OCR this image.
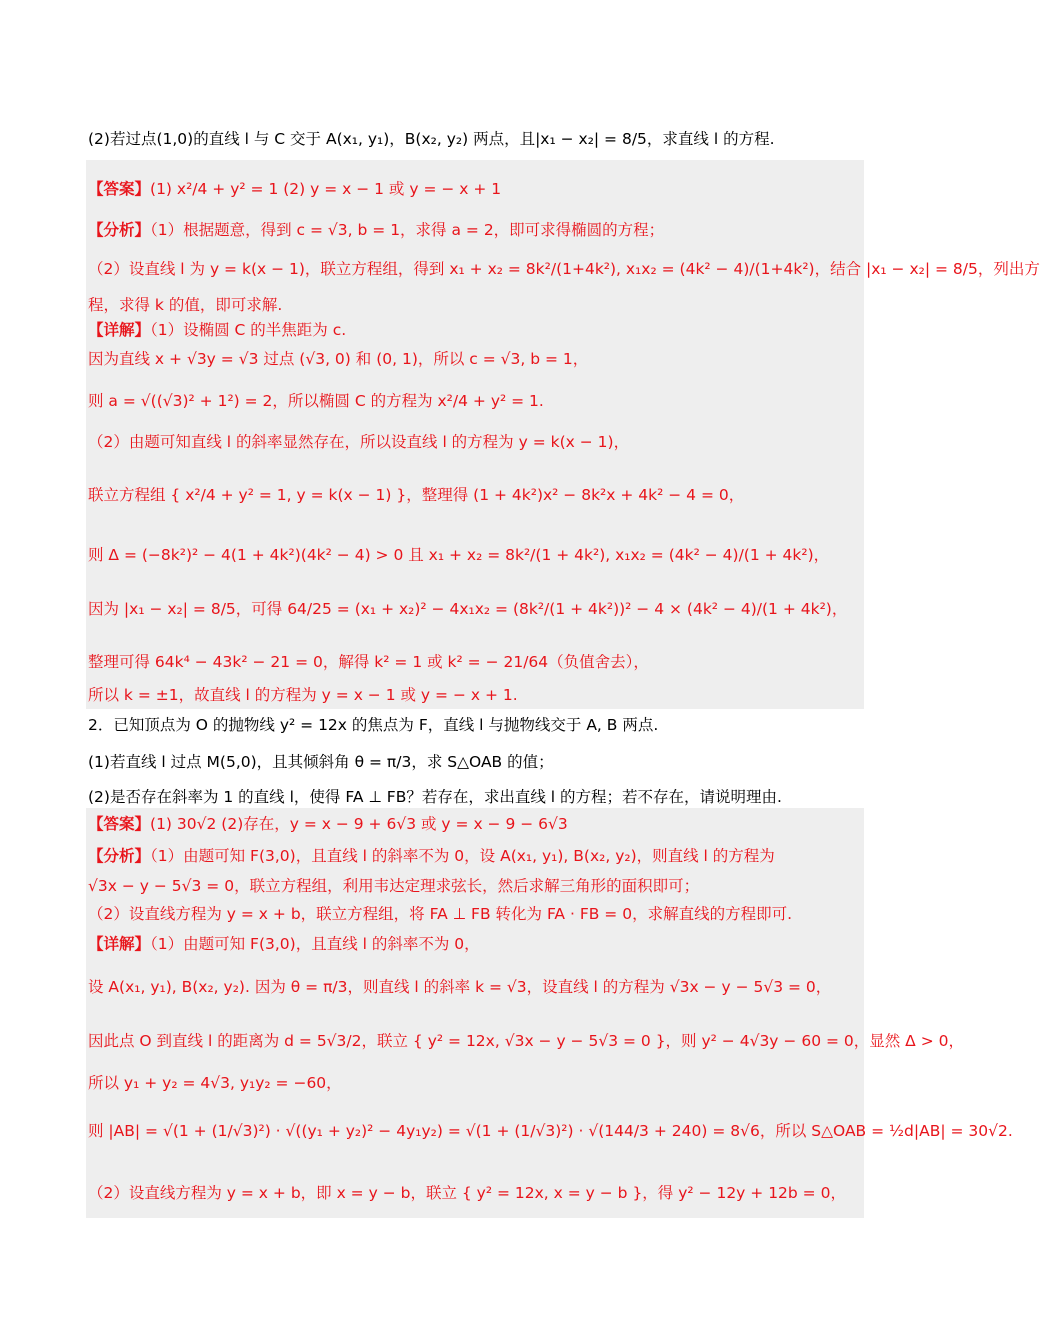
(2)若过点(1,0)的直线 l 与 C 交于 A(x₁, y₁)，B(x₂, y₂) 两点，且|x₁ − x₂| = 8/5，求直线 l 的方程.
【答案】(1) x²/4 + y² = 1 (2) y = x − 1 或 y = − x + 1
【分析】（1）根据题意，得到 c = √3, b = 1，求得 a = 2，即可求得椭圆的方程；
（2）设直线 l 为 y = k(x − 1)，联立方程组，得到 x₁ + x₂ = 8k²/(1+4k²), x₁x₂ = (4k² − 4)/(1+4k²)，结合 |x₁ − x₂| = 8/5，列出方
程，求得 k 的值，即可求解.
【详解】（1）设椭圆 C 的半焦距为 c.
因为直线 x + √3y = √3 过点 (√3, 0) 和 (0, 1)，所以 c = √3, b = 1，
则 a = √((√3)² + 1²) = 2，所以椭圆 C 的方程为 x²/4 + y² = 1.
（2）由题可知直线 l 的斜率显然存在，所以设直线 l 的方程为 y = k(x − 1)，
联立方程组 { x²/4 + y² = 1, y = k(x − 1) }，整理得 (1 + 4k²)x² − 8k²x + 4k² − 4 = 0，
则 Δ = (−8k²)² − 4(1 + 4k²)(4k² − 4) > 0 且 x₁ + x₂ = 8k²/(1 + 4k²), x₁x₂ = (4k² − 4)/(1 + 4k²)，
因为 |x₁ − x₂| = 8/5，可得 64/25 = (x₁ + x₂)² − 4x₁x₂ = (8k²/(1 + 4k²))² − 4 × (4k² − 4)/(1 + 4k²)，
整理可得 64k⁴ − 43k² − 21 = 0，解得 k² = 1 或 k² = − 21/64（负值舍去），
所以 k = ±1，故直线 l 的方程为 y = x − 1 或 y = − x + 1.
2．已知顶点为 O 的抛物线 y² = 12x 的焦点为 F，直线 l 与抛物线交于 A, B 两点.
(1)若直线 l 过点 M(5,0)，且其倾斜角 θ = π/3，求 S△OAB 的值；
(2)是否存在斜率为 1 的直线 l，使得 FA ⊥ FB？若存在，求出直线 l 的方程；若不存在，请说明理由.
【答案】(1) 30√2 (2)存在，y = x − 9 + 6√3 或 y = x − 9 − 6√3
【分析】（1）由题可知 F(3,0)，且直线 l 的斜率不为 0，设 A(x₁, y₁), B(x₂, y₂)，则直线 l 的方程为
√3x − y − 5√3 = 0，联立方程组，利用韦达定理求弦长，然后求解三角形的面积即可；
（2）设直线方程为 y = x + b，联立方程组，将 FA ⊥ FB 转化为 FA · FB = 0，求解直线的方程即可.
【详解】（1）由题可知 F(3,0)，且直线 l 的斜率不为 0，
设 A(x₁, y₁), B(x₂, y₂). 因为 θ = π/3，则直线 l 的斜率 k = √3，设直线 l 的方程为 √3x − y − 5√3 = 0，
因此点 O 到直线 l 的距离为 d = 5√3/2，联立 { y² = 12x, √3x − y − 5√3 = 0 }，则 y² − 4√3y − 60 = 0，显然 Δ > 0，
所以 y₁ + y₂ = 4√3, y₁y₂ = −60，
则 |AB| = √(1 + (1/√3)²) · √((y₁ + y₂)² − 4y₁y₂) = √(1 + (1/√3)²) · √(144/3 + 240) = 8√6，所以 S△OAB = ½d|AB| = 30√2.
（2）设直线方程为 y = x + b，即 x = y − b，联立 { y² = 12x, x = y − b }，得 y² − 12y + 12b = 0，
